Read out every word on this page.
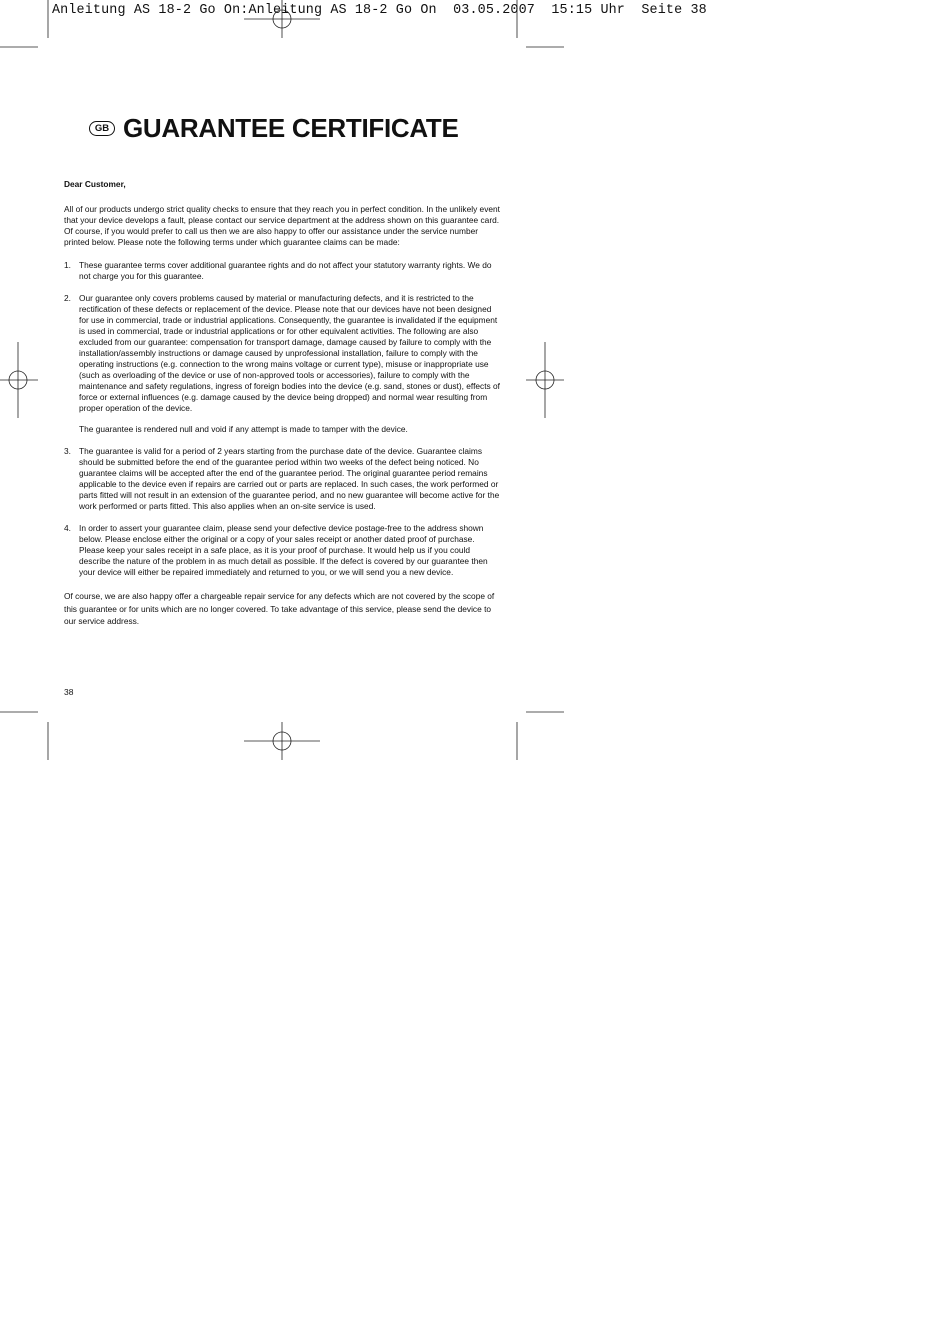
Anleitung AS 18-2 Go On:Anleitung AS 18-2 Go On  03.05.2007  15:15 Uhr  Seite 38
GB GUARANTEE CERTIFICATE

Dear Customer,

All of our products undergo strict quality checks to ensure that they reach you in perfect condition. In the unlikely event that your device develops a fault, please contact our service department at the address shown on this guarantee card. Of course, if you would prefer to call us then we are also happy to offer our assistance under the service number printed below. Please note the following terms under which guarantee claims can be made:

1. These guarantee terms cover additional guarantee rights and do not affect your statutory warranty rights. We do not charge you for this guarantee.

2. Our guarantee only covers problems caused by material or manufacturing defects, and it is restricted to the rectification of these defects or replacement of the device. Please note that our devices have not been designed for use in commercial, trade or industrial applications. Consequently, the guarantee is invalidated if the equipment is used in commercial, trade or industrial applications or for other equivalent activities. The following are also excluded from our guarantee: compensation for transport damage, damage caused by failure to comply with the installation/assembly instructions or damage caused by unprofessional installation, failure to comply with the operating instructions (e.g. connection to the wrong mains voltage or current type), misuse or inappropriate use (such as overloading of the device or use of non-approved tools or accessories), failure to comply with the maintenance and safety regulations, ingress of foreign bodies into the device (e.g. sand, stones or dust), effects of force or external influences (e.g. damage caused by the device being dropped) and normal wear resulting from proper operation of the device.

The guarantee is rendered null and void if any attempt is made to tamper with the device.

3. The guarantee is valid for a period of 2 years starting from the purchase date of the device. Guarantee claims should be submitted before the end of the guarantee period within two weeks of the defect being noticed. No guarantee claims will be accepted after the end of the guarantee period. The original guarantee period remains applicable to the device even if repairs are carried out or parts are replaced. In such cases, the work performed or parts fitted will not result in an extension of the guarantee period, and no new guarantee will become active for the work performed or parts fitted. This also applies when an on-site service is used.

4. In order to assert your guarantee claim, please send your defective device postage-free to the address shown below. Please enclose either the original or a copy of your sales receipt or another dated proof of purchase. Please keep your sales receipt in a safe place, as it is your proof of purchase. It would help us if you could describe the nature of the problem in as much detail as possible. If the defect is covered by our guarantee then your device will either be repaired immediately and returned to you, or we will send you a new device.

Of course, we are also happy offer a chargeable repair service for any defects which are not covered by the scope of this guarantee or for units which are no longer covered. To take advantage of this service, please send the device to our service address.

38
